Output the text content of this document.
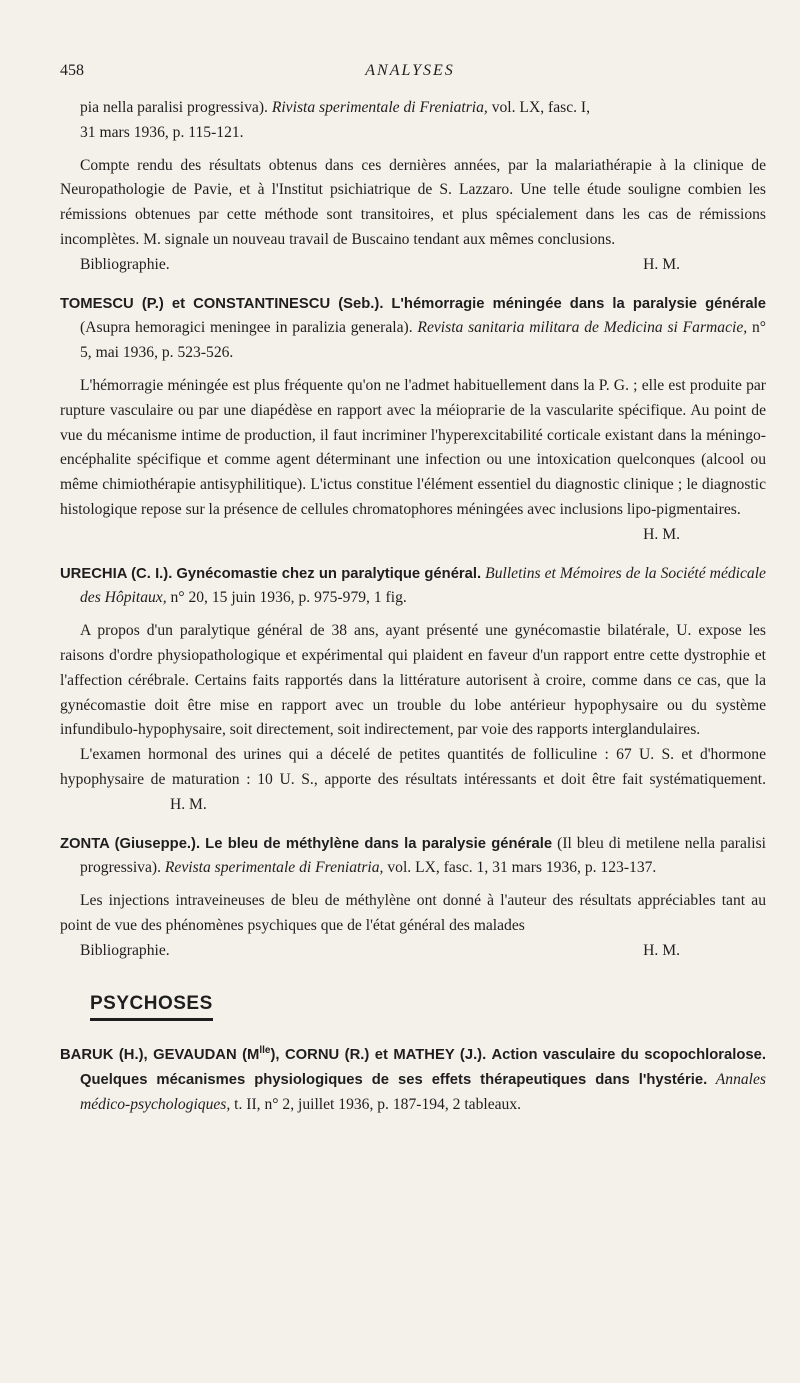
458	ANALYSES

pia nella paralisi progressiva). Rivista sperimentale di Freniatria, vol. LX, fasc. I,
31 mars 1936, p. 115-121.

Compte rendu des résultats obtenus dans ces dernières années, par la malariathérapie à la clinique de Neuropathologie de Pavie, et à l'Institut psichiatrique de S. Lazzaro. Une telle étude souligne combien les rémissions obtenues par cette méthode sont transitoires, et plus spécialement dans les cas de rémissions incomplètes. M. signale un nouveau travail de Buscaino tendant aux mêmes conclusions.

Bibliographie.	H. M.

TOMESCU (P.) et CONSTANTINESCU (Seb.). L'hémorragie méningée dans la paralysie générale (Asupra hemoragici meningee in paralizia generala). Revista sanitaria militara de Medicina si Farmacie, n° 5, mai 1936, p. 523-526.

L'hémorragie méningée est plus fréquente qu'on ne l'admet habituellement dans la P. G. ; elle est produite par rupture vasculaire ou par une diapédèse en rapport avec la méioprагie de la vascularite spécifique. Au point de vue du mécanisme intime de production, il faut incriminer l'hyperexcitabilité corticale existant dans la méningo-encéphalite spécifique et comme agent déterminant une infection ou une intoxication quelconques (alcool ou même chimiothérapie antisyphilitique). L'ictus constitue l'élément essentiel du diagnostic clinique ; le diagnostic histologique repose sur la présence de cellules chromatophores méningées avec inclusions lipo-pigmentaires.

H. M.

URECHIA (C. I.). Gynécomastie chez un paralytique général. Bulletins et Mémoires de la Société médicale des Hôpitaux, n° 20, 15 juin 1936, p. 975-979, 1 fig.

A propos d'un paralytique général de 38 ans, ayant présenté une gynécomastie bilatérale, U. expose les raisons d'ordre physiopathologique et expérimental qui plaident en faveur d'un rapport entre cette dystrophie et l'affection cérébrale. Certains faits rapportés dans la littérature autorisent à croire, comme dans ce cas, que la gynécomastie doit être mise en rapport avec un trouble du lobe antérieur hypophysaire ou du système infundibulo-hypophysaire, soit directement, soit indirectement, par voie des rapports interglandulaires.

L'examen hormonal des urines qui a décelé de petites quantités de folliculine : 67 U. S. et d'hormone hypophysaire de maturation : 10 U. S., apporte des résultats intéressants et doit être fait systématiquement.H. M.

ZONTA (Giuseppe.). Le bleu de méthylène dans la paralysie générale (Il bleu di metilene nella paralisi progressiva). Revista sperimentale di Freniatria, vol. LX, fasc. 1, 31 mars 1936, p. 123-137.

Les injections intraveineuses de bleu de méthylène ont donné à l'auteur des résultats appréciables tant au point de vue des phénomènes psychiques que de l'état général des malades

Bibliographie.	H. M.
PSYCHOSES

BARUK (H.), GEVAUDAN $(M^{lle})$, CORNU (R.) et MATHEY (J.). Action vasculaire du scopochloralose. Quelques mécanismes physiologiques de ses effets thérapeutiques dans l'hystérie. Annales médico-psychologiques, t. II, n° 2, juillet 1936, p. 187-194, 2 tableaux.
